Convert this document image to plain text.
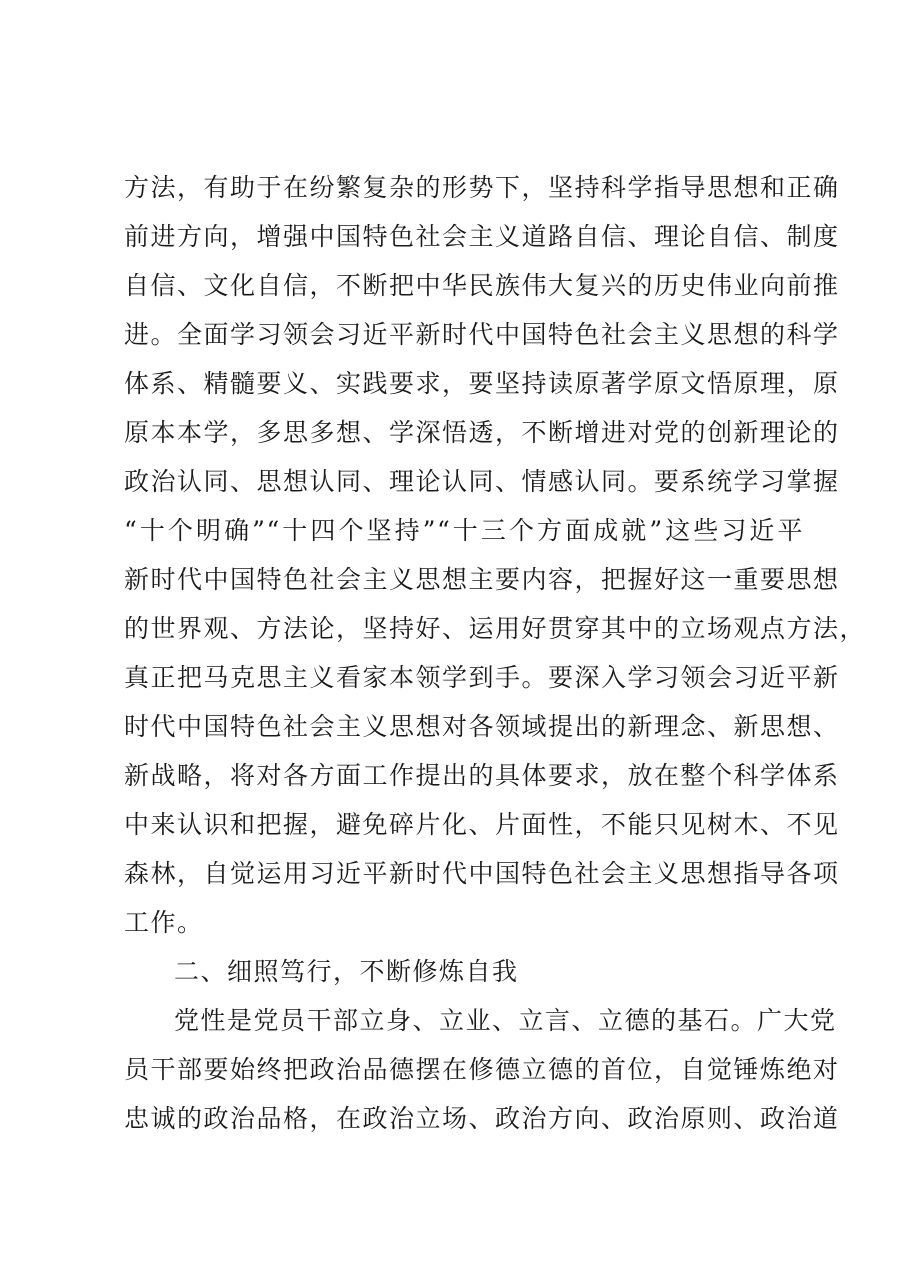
方法，有助于在纷繁复杂的形势下，坚持科学指导思想和正确
前进方向，增强中国特色社会主义道路自信、理论自信、制度
自信、文化自信，不断把中华民族伟大复兴的历史伟业向前推
进。全面学习领会习近平新时代中国特色社会主义思想的科学
体系、精髓要义、实践要求，要坚持读原著学原文悟原理，原
原本本学，多思多想、学深悟透，不断增进对党的创新理论的
政治认同、思想认同、理论认同、情感认同。要系统学习掌握
“十个明确”“十四个坚持”“十三个方面成就”这些习近平
新时代中国特色社会主义思想主要内容，把握好这一重要思想
的世界观、方法论，坚持好、运用好贯穿其中的立场观点方法，
真正把马克思主义看家本领学到手。要深入学习领会习近平新
时代中国特色社会主义思想对各领域提出的新理念、新思想、
新战略，将对各方面工作提出的具体要求，放在整个科学体系
中来认识和把握，避免碎片化、片面性，不能只见树木、不见
森林，自觉运用习近平新时代中国特色社会主义思想指导各项
工作。
二、细照笃行，不断修炼自我
党性是党员干部立身、立业、立言、立德的基石。广大党
员干部要始终把政治品德摆在修德立德的首位，自觉锤炼绝对
忠诚的政治品格，在政治立场、政治方向、政治原则、政治道
